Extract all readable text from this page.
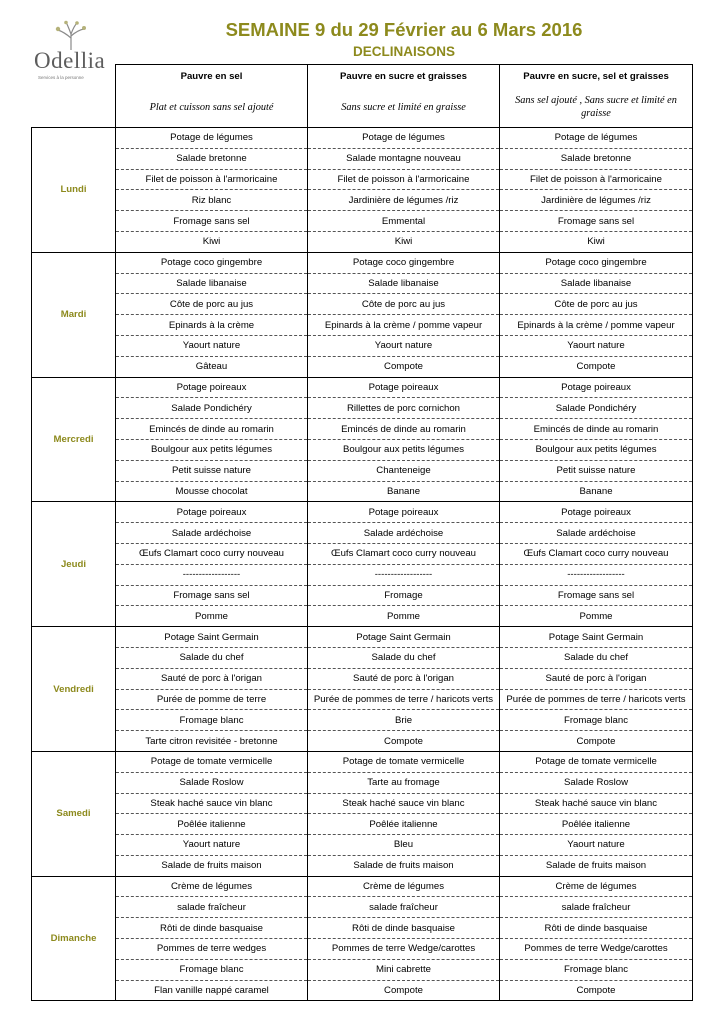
Odellia
Services à la personne
SEMAINE 9 du 29 Février au 6 Mars 2016
DECLINAISONS
	Pauvre en sel	Pauvre en sucre et graisses	Pauvre en sucre, sel et graisses
	Plat et cuisson sans sel ajouté	Sans sucre et limité en graisse	Sans sel ajouté , Sans sucre et limité en graisse
Lundi	Potage de légumes	Potage de légumes	Potage de légumes
	Salade bretonne	Salade montagne nouveau	Salade bretonne
	Filet de poisson à l'armoricaine	Filet de poisson à l'armoricaine	Filet de poisson à l'armoricaine
	Riz blanc	Jardinière de légumes /riz	Jardinière de légumes /riz
	Fromage sans sel	Emmental	Fromage sans sel
	Kiwi	Kiwi	Kiwi
Mardi	Potage coco gingembre	Potage coco gingembre	Potage coco gingembre
	Salade libanaise	Salade libanaise	Salade libanaise
	Côte de porc au jus	Côte de porc au jus	Côte de porc au jus
	Epinards à la crème	Epinards à la crème / pomme vapeur	Epinards à la crème / pomme vapeur
	Yaourt nature	Yaourt nature	Yaourt nature
	Gâteau	Compote	Compote
Mercredi	Potage poireaux	Potage poireaux	Potage poireaux
	Salade Pondichéry	Rillettes de porc cornichon	Salade Pondichéry
	Emincés de dinde au romarin	Emincés de dinde au romarin	Emincés de dinde au romarin
	Boulgour aux petits légumes	Boulgour aux petits légumes	Boulgour aux petits légumes
	Petit suisse nature	Chanteneige	Petit suisse nature
	Mousse chocolat	Banane	Banane
Jeudi	Potage poireaux	Potage poireaux	Potage poireaux
	Salade ardéchoise	Salade ardéchoise	Salade ardéchoise
	Œufs Clamart coco curry nouveau	Œufs Clamart coco curry nouveau	Œufs Clamart coco curry nouveau
	------------------	------------------	------------------
	Fromage sans sel	Fromage	Fromage sans sel
	Pomme	Pomme	Pomme
Vendredi	Potage Saint Germain	Potage Saint Germain	Potage Saint Germain
	Salade du chef	Salade du chef	Salade du chef
	Sauté de porc à l'origan	Sauté de porc à l'origan	Sauté de porc à l'origan
	Purée de pomme de terre	Purée de pommes de terre / haricots verts	Purée de pommes de terre / haricots verts
	Fromage blanc	Brie	Fromage blanc
	Tarte citron revisitée - bretonne	Compote	Compote
Samedi	Potage de tomate vermicelle	Potage de tomate vermicelle	Potage de tomate vermicelle
	Salade Roslow	Tarte au fromage	Salade Roslow
	Steak haché sauce vin blanc	Steak haché sauce vin blanc	Steak haché sauce vin blanc
	Poêlée italienne	Poêlée italienne	Poêlée italienne
	Yaourt nature	Bleu	Yaourt nature
	Salade de fruits maison	Salade de fruits maison	Salade de fruits maison
Dimanche	Crème de légumes	Crème de légumes	Crème de légumes
	salade fraîcheur	salade fraîcheur	salade fraîcheur
	Rôti de dinde basquaise	Rôti de dinde basquaise	Rôti de dinde basquaise
	Pommes de terre wedges	Pommes de terre Wedge/carottes	Pommes de terre Wedge/carottes
	Fromage blanc	Mini cabrette	Fromage blanc
	Flan vanille nappé caramel	Compote	Compote
